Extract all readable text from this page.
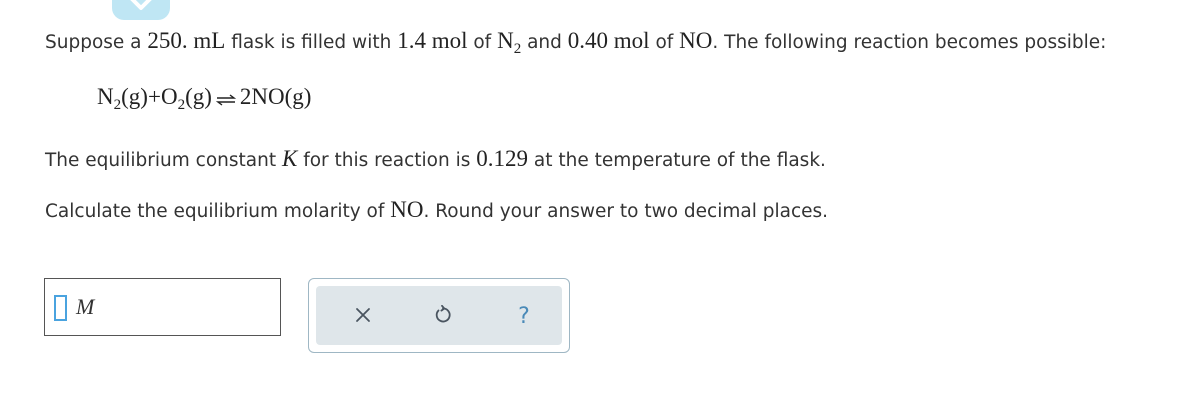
Suppose a 250. mL flask is filled with 1.4 mol of $N_2$ and 0.40 mol of NO. The following reaction becomes possible:
$N_2(g)+O_2(g)$ ⇌ 2NO(g)
The equilibrium constant K for this reaction is 0.129 at the temperature of the flask.
Calculate the equilibrium molarity of NO. Round your answer to two decimal places.
M	?
